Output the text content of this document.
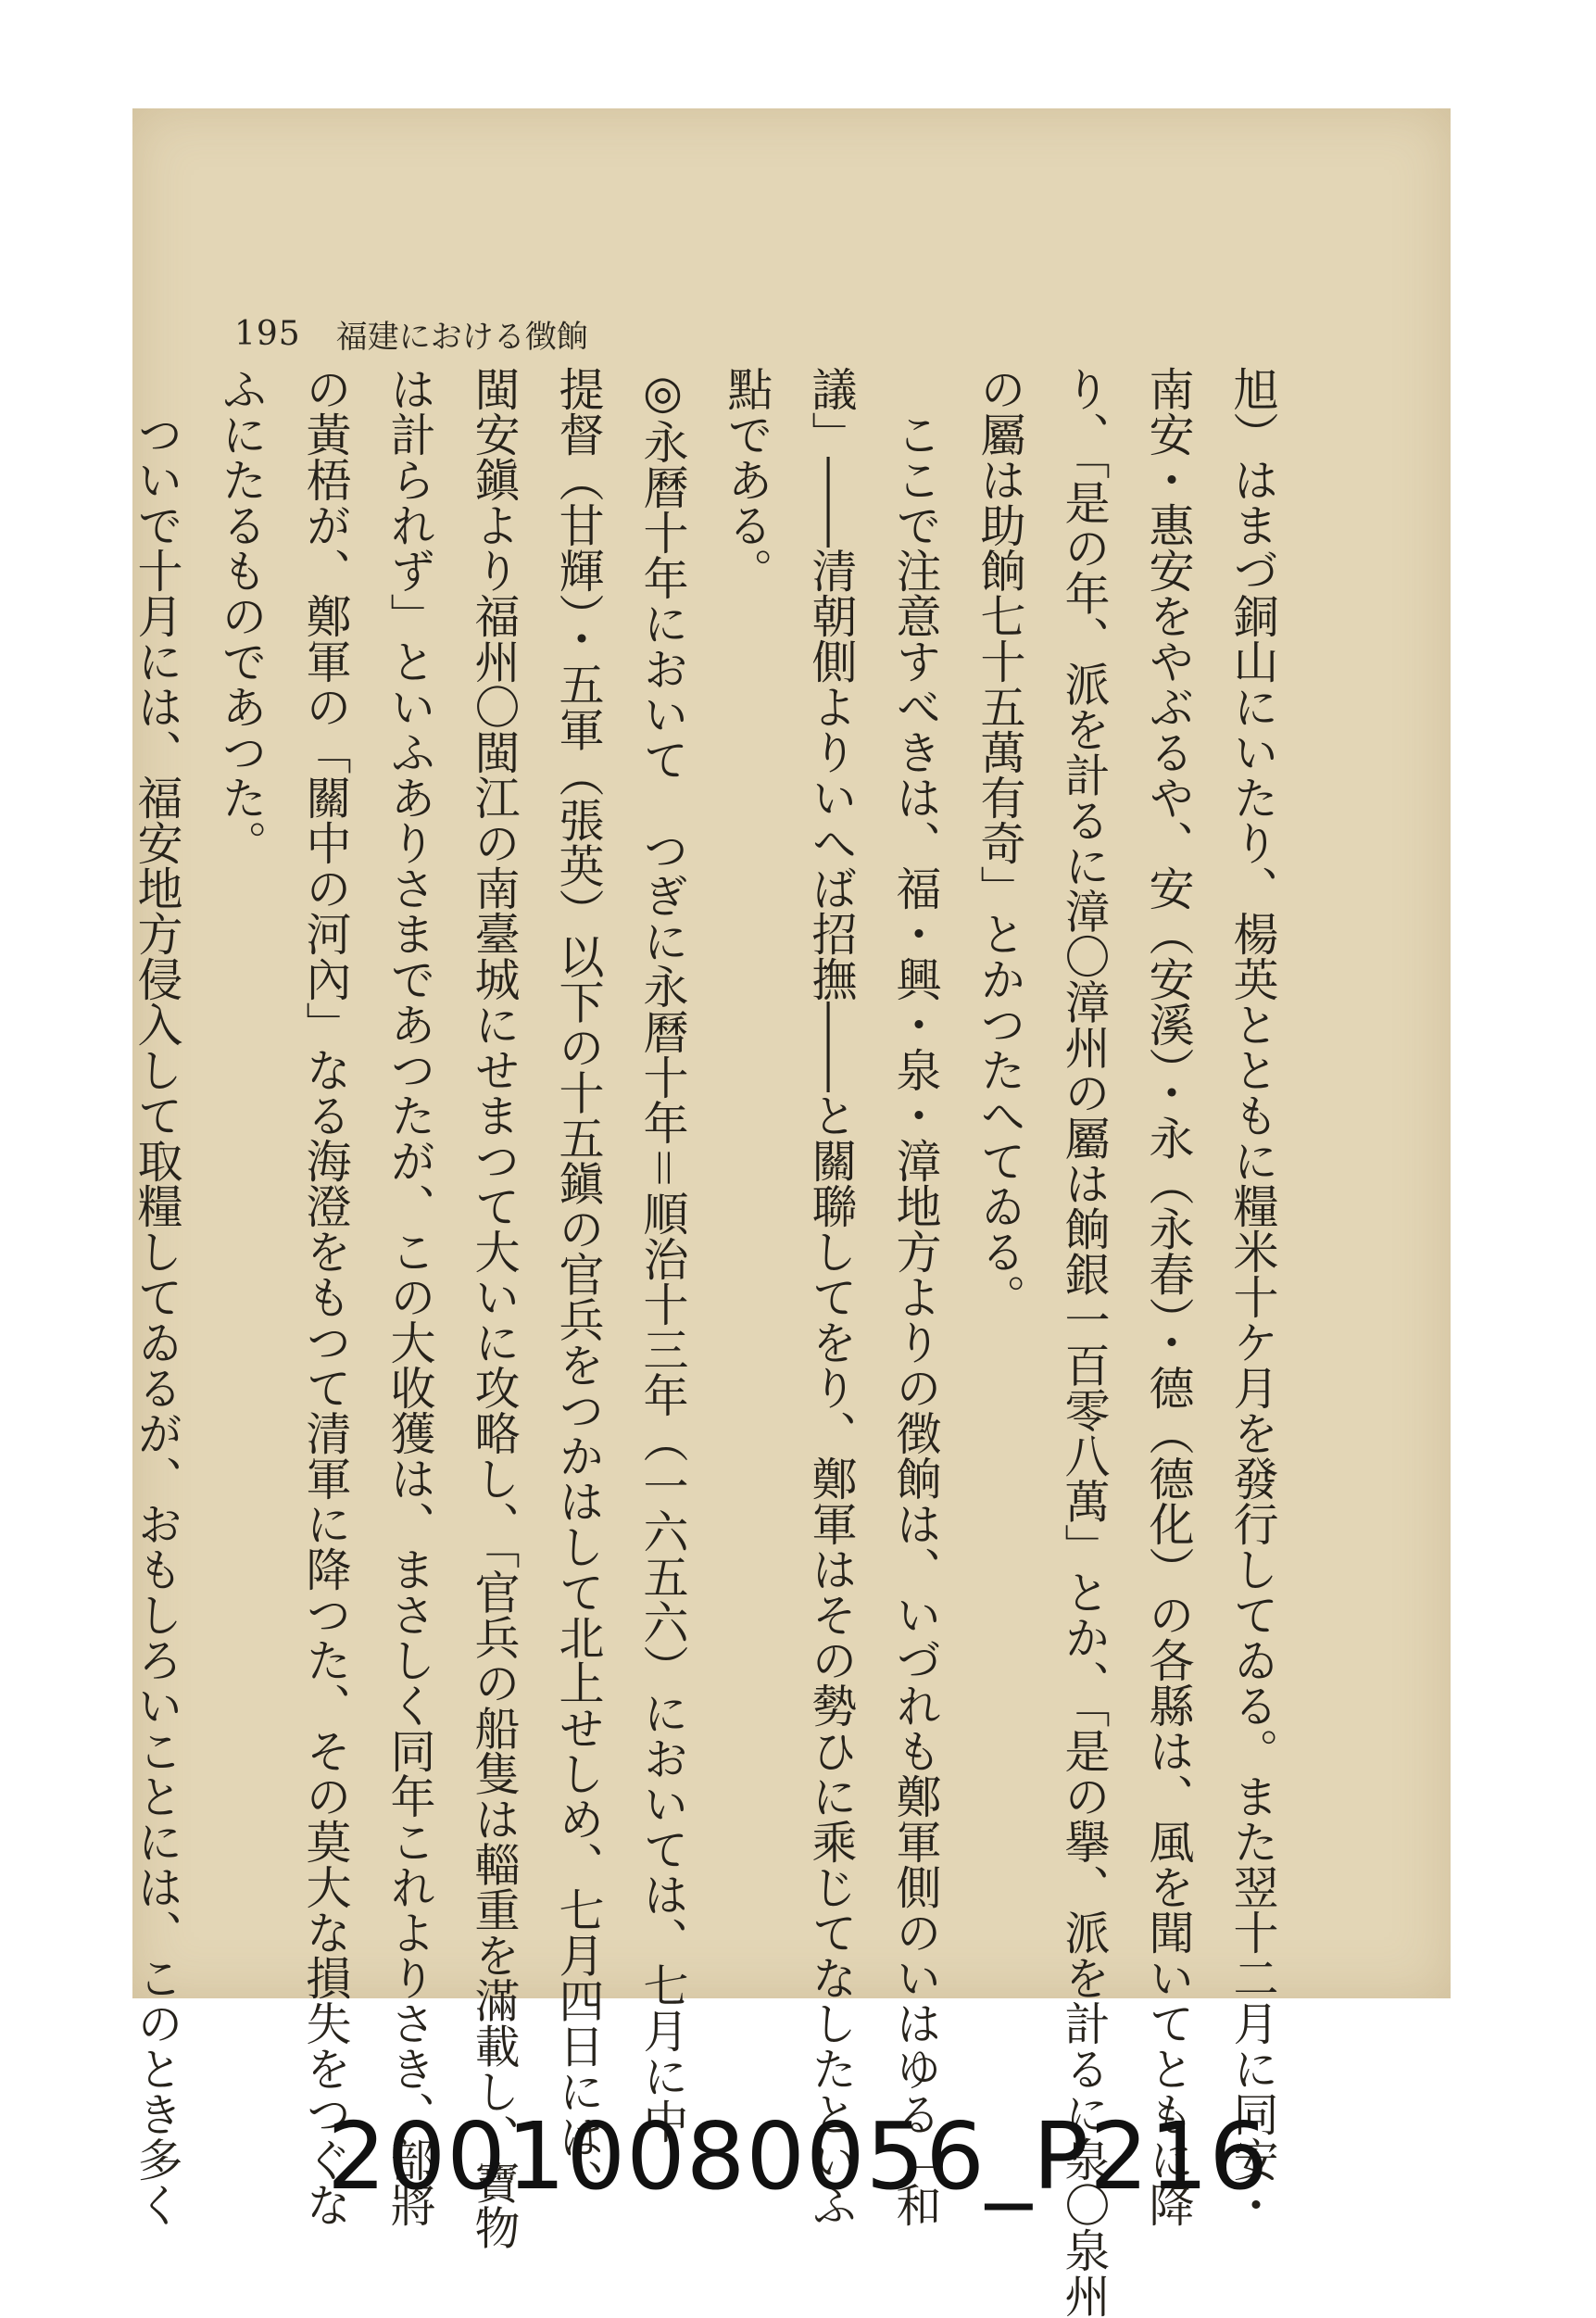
195 福建における徴餉
旭）はまづ銅山にいたり、楊英とともに糧米十ケ月を發行してゐる。また翌十二月に同安・
南安・惠安をやぶるや、安（安溪）・永（永春）・德（德化）の各縣は、風を聞いてともに降
り、「是の年、派を計るに漳〇漳州の屬は餉銀一百零八萬」とか、「是の擧、派を計るに泉〇泉州
の屬は助餉七十五萬有奇」とかつたへてゐる。
ここで注意すべきは、福・興・泉・漳地方よりの徴餉は、いづれも鄭軍側のいはゆる「和
議」――清朝側よりいへば招撫――と關聯してをり、鄭軍はその勢ひに乘じてなしたといふ
點である。
◎永曆十年において　つぎに永曆十年＝順治十三年（一六五六）においては、七月に中
提督（甘輝）・五軍（張英）以下の十五鎭の官兵をつかはして北上せしめ、七月四日には、
閩安鎭より福州〇閩江の南臺城にせまつて大いに攻略し、「官兵の船隻は輜重を滿載し、寶物
は計られず」といふありさまであつたが、この大收獲は、まさしく同年これよりさき、部將
の黃梧が、鄭軍の「關中の河內」なる海澄をもつて清軍に降つた、その莫大な損失をつぐな
ふにたるものであつた。
ついで十月には、福安地方侵入して取糧してゐるが、おもしろいことには、このとき多く	20010080056_P216
